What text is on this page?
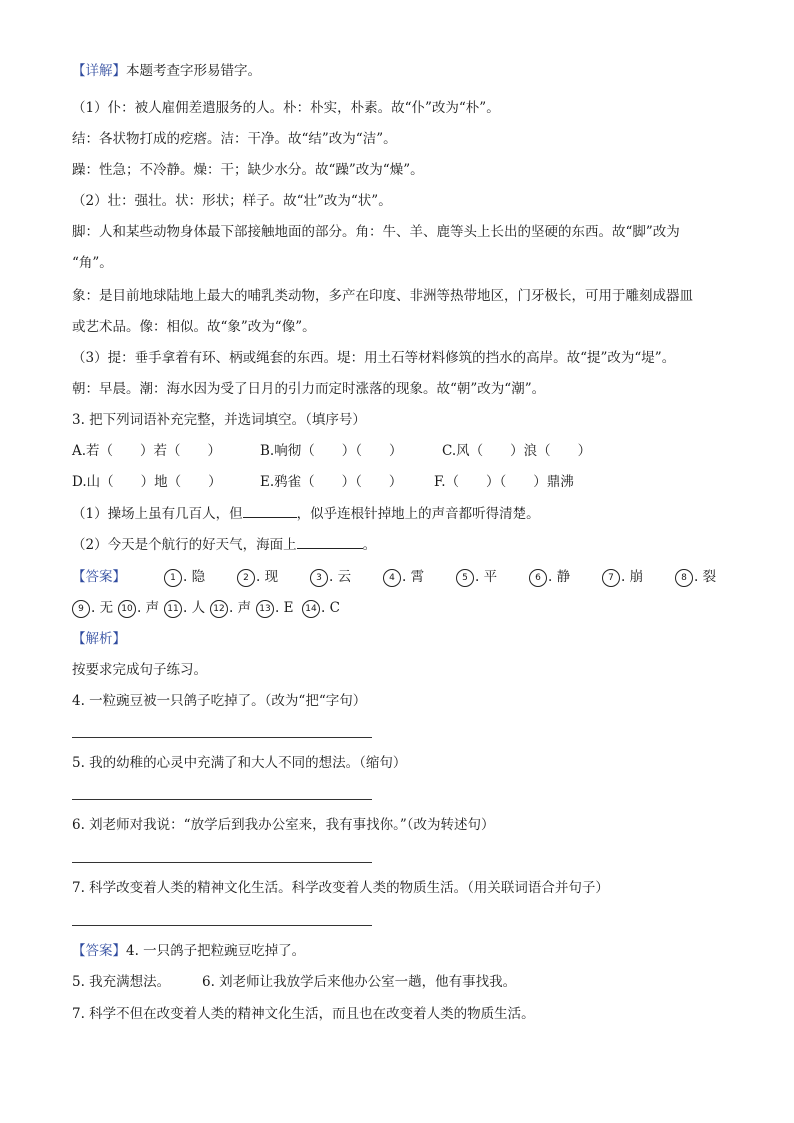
【详解】本题考查字形易错字。
（1）仆：被人雇佣差遣服务的人。朴：朴实，朴素。故“仆”改为“朴”。
结：各状物打成的疙瘩。洁：干净。故“结”改为“洁”。
躁：性急；不冷静。燥：干；缺少水分。故“躁”改为“燥”。
（2）壮：强壮。状：形状；样子。故“壮”改为“状”。
脚：人和某些动物身体最下部接触地面的部分。角：牛、羊、鹿等头上长出的坚硬的东西。故“脚”改为
“角”。
象：是目前地球陆地上最大的哺乳类动物，多产在印度、非洲等热带地区，门牙极长，可用于雕刻成器皿
或艺术品。像：相似。故“象”改为“像”。
（3）提：垂手拿着有环、柄或绳套的东西。堤：用土石等材料修筑的挡水的高岸。故“提”改为“堤”。
朝：早晨。潮：海水因为受了日月的引力而定时涨落的现象。故“朝”改为“潮”。
3. 把下列词语补充完整，并选词填空。（填序号）
A.若（　　）若（　　）	B.响彻（　　）（　　）	C.风（　　）浪（　　）
D.山（　　）地（　　）	E.鸦雀（　　）（　　） F.（　　）（　　）鼎沸
（1）操场上虽有几百人，但	，似乎连根针掉地上的声音都听得清楚。
（2）今天是个航行的好天气，海面上	。
【答案】	1 . 隐	2 . 现	3 . 云	4 . 霄	5 . 平	6 . 静	7 . 崩	8 . 裂
9 . 无 10 . 声 11 . 人 12 . 声 13 . E	14 . C
【解析】
按要求完成句子练习。
4. 一粒豌豆被一只鸽子吃掉了。（改为“把“字句）
5. 我的幼稚的心灵中充满了和大人不同的想法。（缩句）
6. 刘老师对我说：“放学后到我办公室来，我有事找你。”（改为转述句）
7. 科学改变着人类的精神文化生活。科学改变着人类的物质生活。（用关联词语合并句子）
【答案】4. 一只鸽子把粒豌豆吃掉了。
5. 我充满想法。 6. 刘老师让我放学后来他办公室一趟，他有事找我。
7. 科学不但在改变着人类的精神文化生活，而且也在改变着人类的物质生活。
